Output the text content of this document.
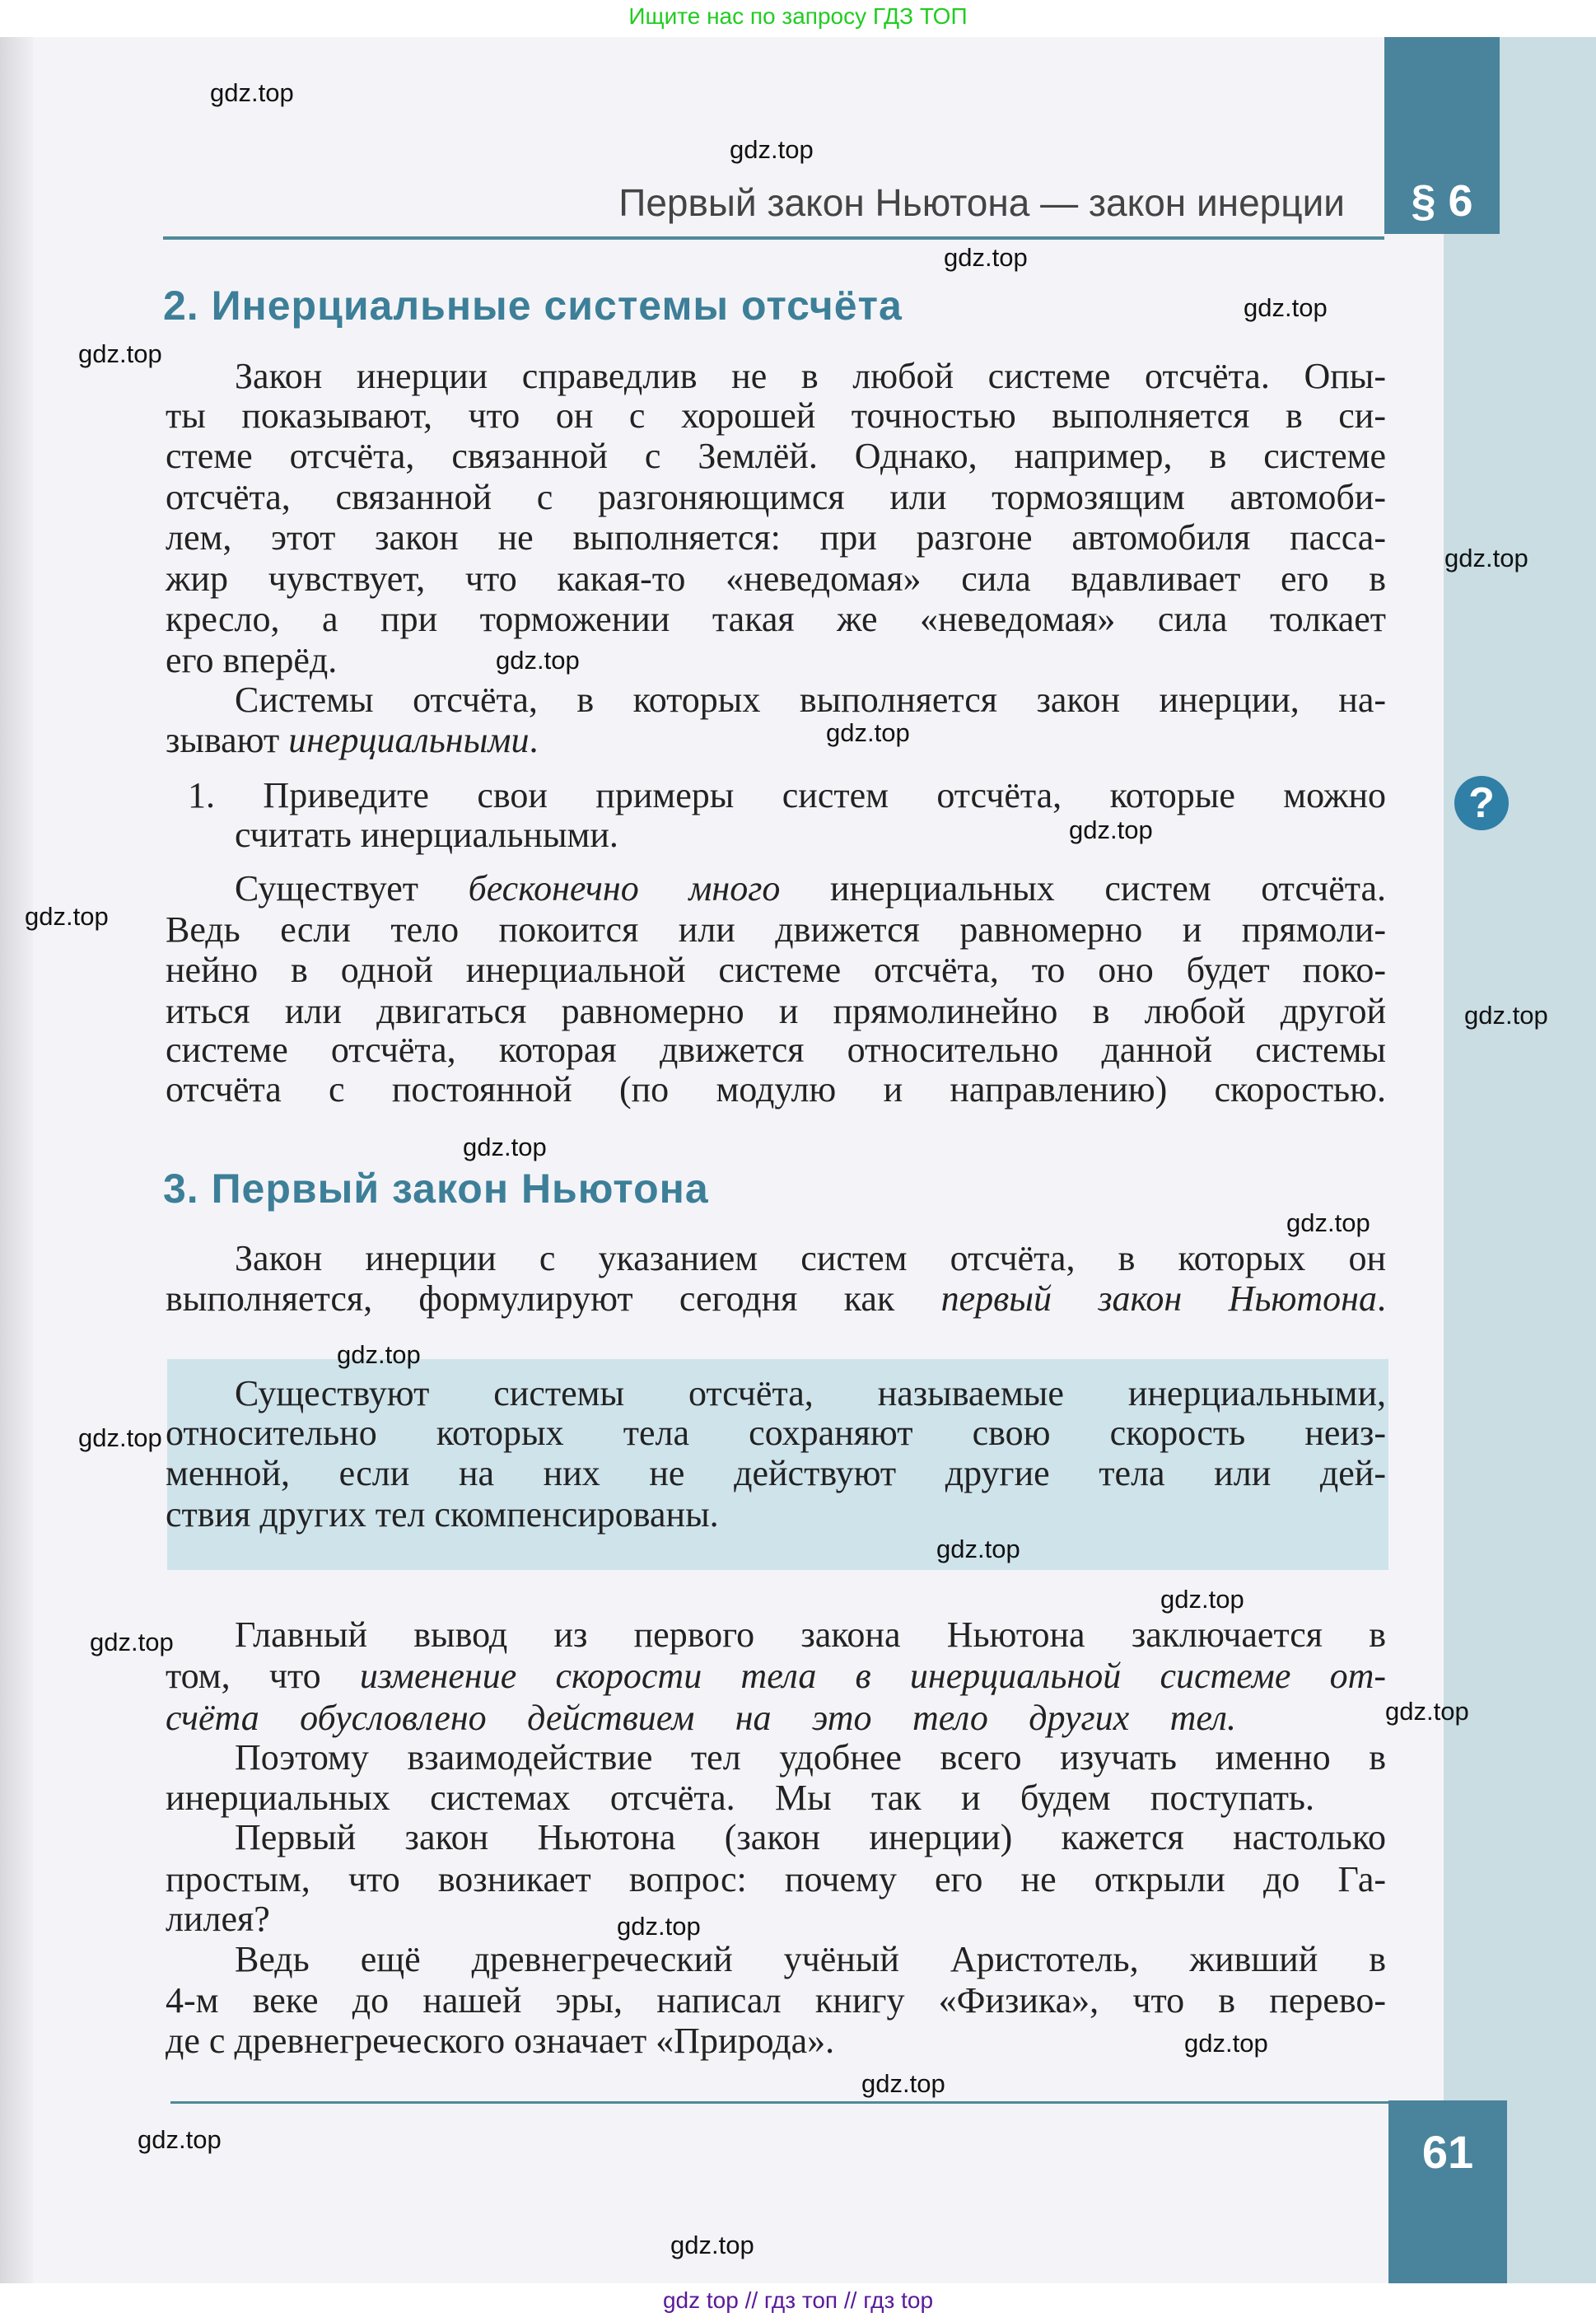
Ищите нас по запросу ГДЗ ТОП
§ 6
Первый закон Ньютона — закон инерции
2. Инерциальные системы отсчёта
3. Первый закон Ньютона
?
Закон инерции справедлив не в любой системе отсчёта. Опы-
ты показывают, что он с хорошей точностью выполняется в си-
стеме отсчёта, связанной с Землёй. Однако, например, в системе
отсчёта, связанной с разгоняющимся или тормозящим автомоби-
лем, этот закон не выполняется: при разгоне автомобиля пасса-
жир чувствует, что какая-то «неведомая» сила вдавливает его в
кресло, а при торможении такая же «неведомая» сила толкает
его вперёд.
Системы отсчёта, в которых выполняется закон инерции, на-
зывают инерциальными.
1. Приведите свои примеры систем отсчёта, которые можно
считать инерциальными.
Существует бесконечно много инерциальных систем отсчёта.
Ведь если тело покоится или движется равномерно и прямоли-
нейно в одной инерциальной системе отсчёта, то оно будет поко-
иться или двигаться равномерно и прямолинейно в любой другой
системе отсчёта, которая движется относительно данной системы
отсчёта с постоянной (по модулю и направлению) скоростью.
Закон инерции с указанием систем отсчёта, в которых он
выполняется, формулируют сегодня как первый закон Ньютона.
Существуют системы отсчёта, называемые инерциальными,
относительно которых тела сохраняют свою скорость неиз-
менной, если на них не действуют другие тела или дей-
ствия других тел скомпенсированы.
Главный вывод из первого закона Ньютона заключается в
том, что изменение скорости тела в инерциальной системе от-
счёта обусловлено действием на это тело других тел.
Поэтому взаимодействие тел удобнее всего изучать именно в
инерциальных системах отсчёта. Мы так и будем поступать.
Первый закон Ньютона (закон инерции) кажется настолько
простым, что возникает вопрос: почему его не открыли до Га-
лилея?
Ведь ещё древнегреческий учёный Аристотель, живший в
4-м веке до нашей эры, написал книгу «Физика», что в перево-
де с древнегреческого означает «Природа».
61
gdz.top
gdz.top
gdz.top
gdz.top
gdz.top
gdz.top
gdz.top
gdz.top
gdz.top
gdz.top
gdz.top
gdz.top
gdz.top
gdz.top
gdz.top
gdz.top
gdz.top
gdz.top
gdz.top
gdz.top
gdz.top
gdz.top
gdz.top
gdz.top
gdz top // гдз топ // гдз top
